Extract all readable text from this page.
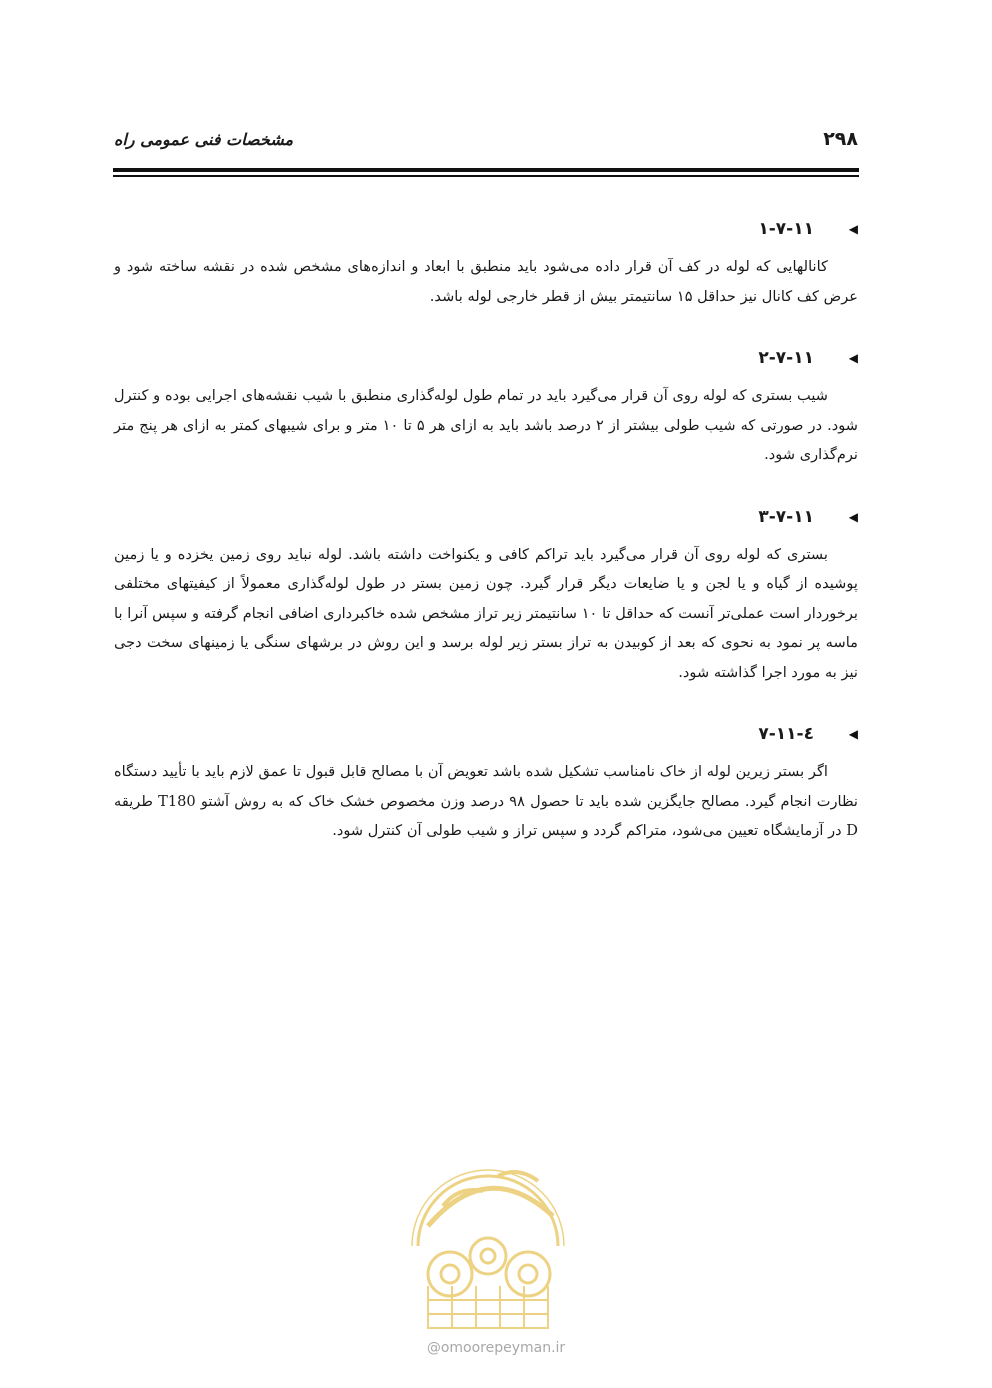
۲۹۸
مشخصات فنی عمومی راه
◀
۱-۷-۱۱

کانالهایی که لوله در کف آن قرار داده می‌شود باید منطبق با ابعاد و اندازه‌های مشخص شده در نقشه ساخته شود و عرض کف کانال نیز حداقل ۱۵ سانتیمتر بیش از قطر خارجی لوله باشد.

◀
۲-۷-۱۱

شیب بستری که لوله روی آن قرار می‌گیرد باید در تمام طول لوله‌گذاری منطبق با شیب نقشه‌های اجرایی بوده و کنترل شود. در صورتی که شیب طولی بیشتر از ۲ درصد باشد باید به ازای هر ۵ تا ۱۰ متر و برای شیبهای کمتر به ازای هر پنج متر نرم‌گذاری شود.

◀
۳-۷-۱۱

بستری که لوله روی آن قرار می‌گیرد باید تراکم کافی و یکنواخت داشته باشد. لوله نباید روی زمین یخزده و یا زمین پوشیده از گیاه و یا لجن و یا ضایعات دیگر قرار گیرد. چون زمین بستر در طول لوله‌گذاری معمولاً از کیفیتهای مختلفی برخوردار است عملی‌تر آنست که حداقل تا ۱۰ سانتیمتر زیر تراز مشخص شده خاکبرداری اضافی انجام گرفته و سپس آنرا با ماسه پر نمود به نحوی که بعد از کوبیدن به تراز بستر زیر لوله برسد و این روش در برشهای سنگی یا زمینهای سخت دجی نیز به مورد اجرا گذاشته شود.

◀
٤-۷-۱۱

اگر بستر زیرین لوله از خاک نامناسب تشکیل شده باشد تعویض آن با مصالح قابل قبول تا عمق لازم باید با تأیید دستگاه نظارت انجام گیرد. مصالح جایگزین شده باید تا حصول ۹۸ درصد وزن مخصوص خشک خاک که به روش آشتو T180 طریقه D در آزمایشگاه تعیین می‌شود، متراکم گردد و سپس تراز و شیب طولی آن کنترل شود.

@omoorepeyman.ir
